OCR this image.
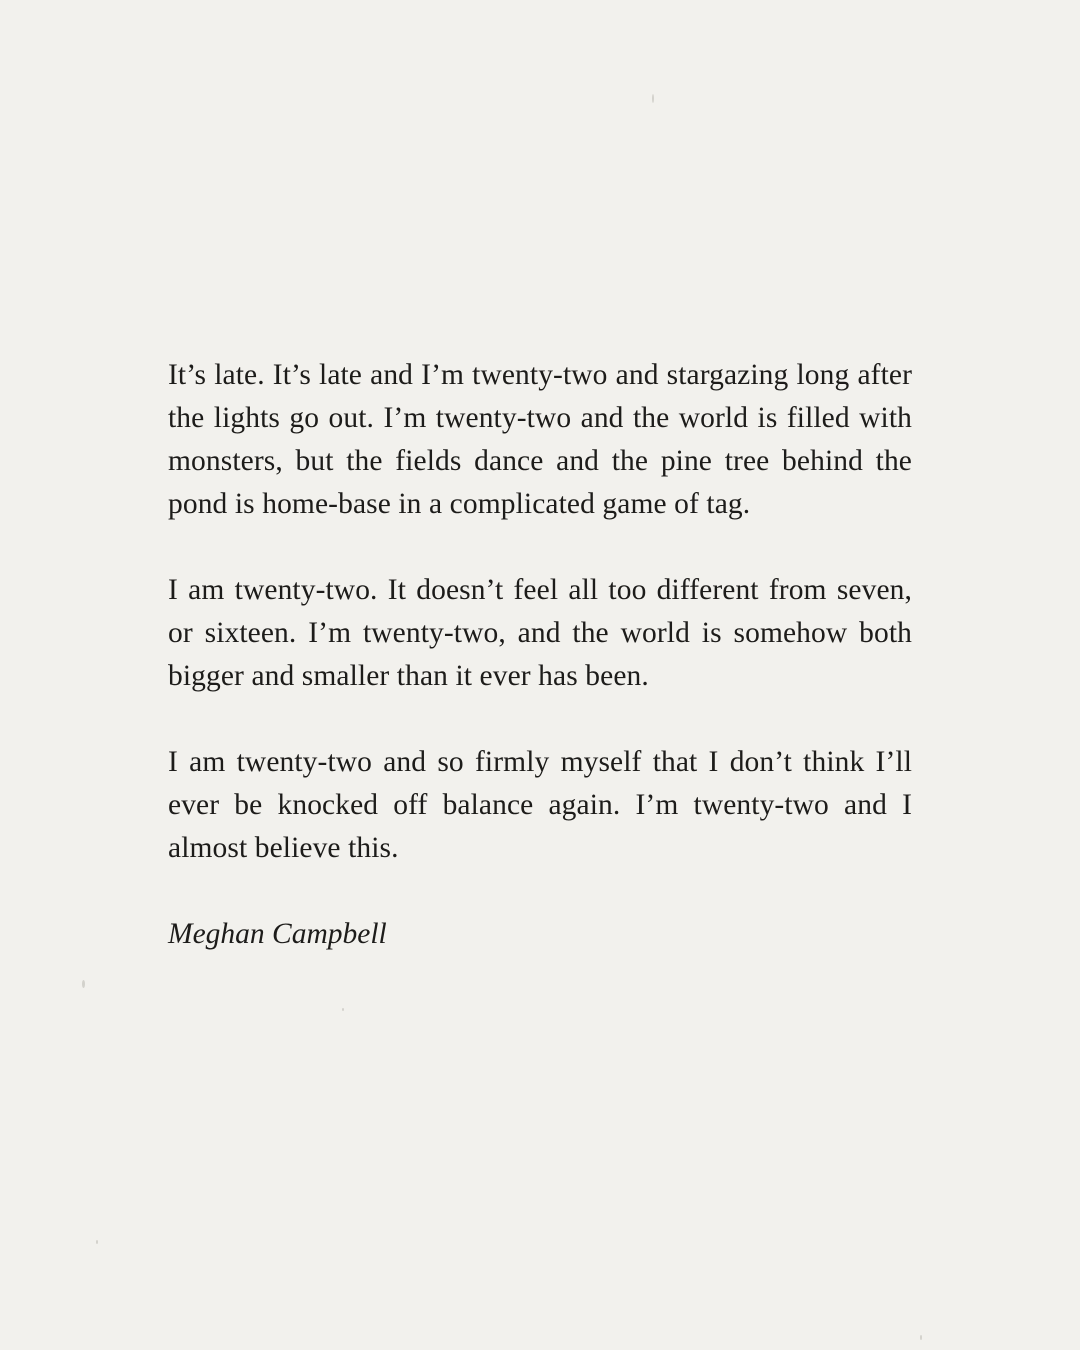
It’s late. It’s late and I’m twenty-two and stargazing long after the lights go out. I’m twenty-two and the world is filled with monsters, but the fields dance and the pine tree behind the pond is home-base in a complicated game of tag.

I am twenty-two. It doesn’t feel all too different from seven, or sixteen. I’m twenty-two, and the world is somehow both bigger and smaller than it ever has been.

I am twenty-two and so firmly myself that I don’t think I’ll ever be knocked off balance again. I’m twenty-two and I almost believe this.

Meghan Campbell
